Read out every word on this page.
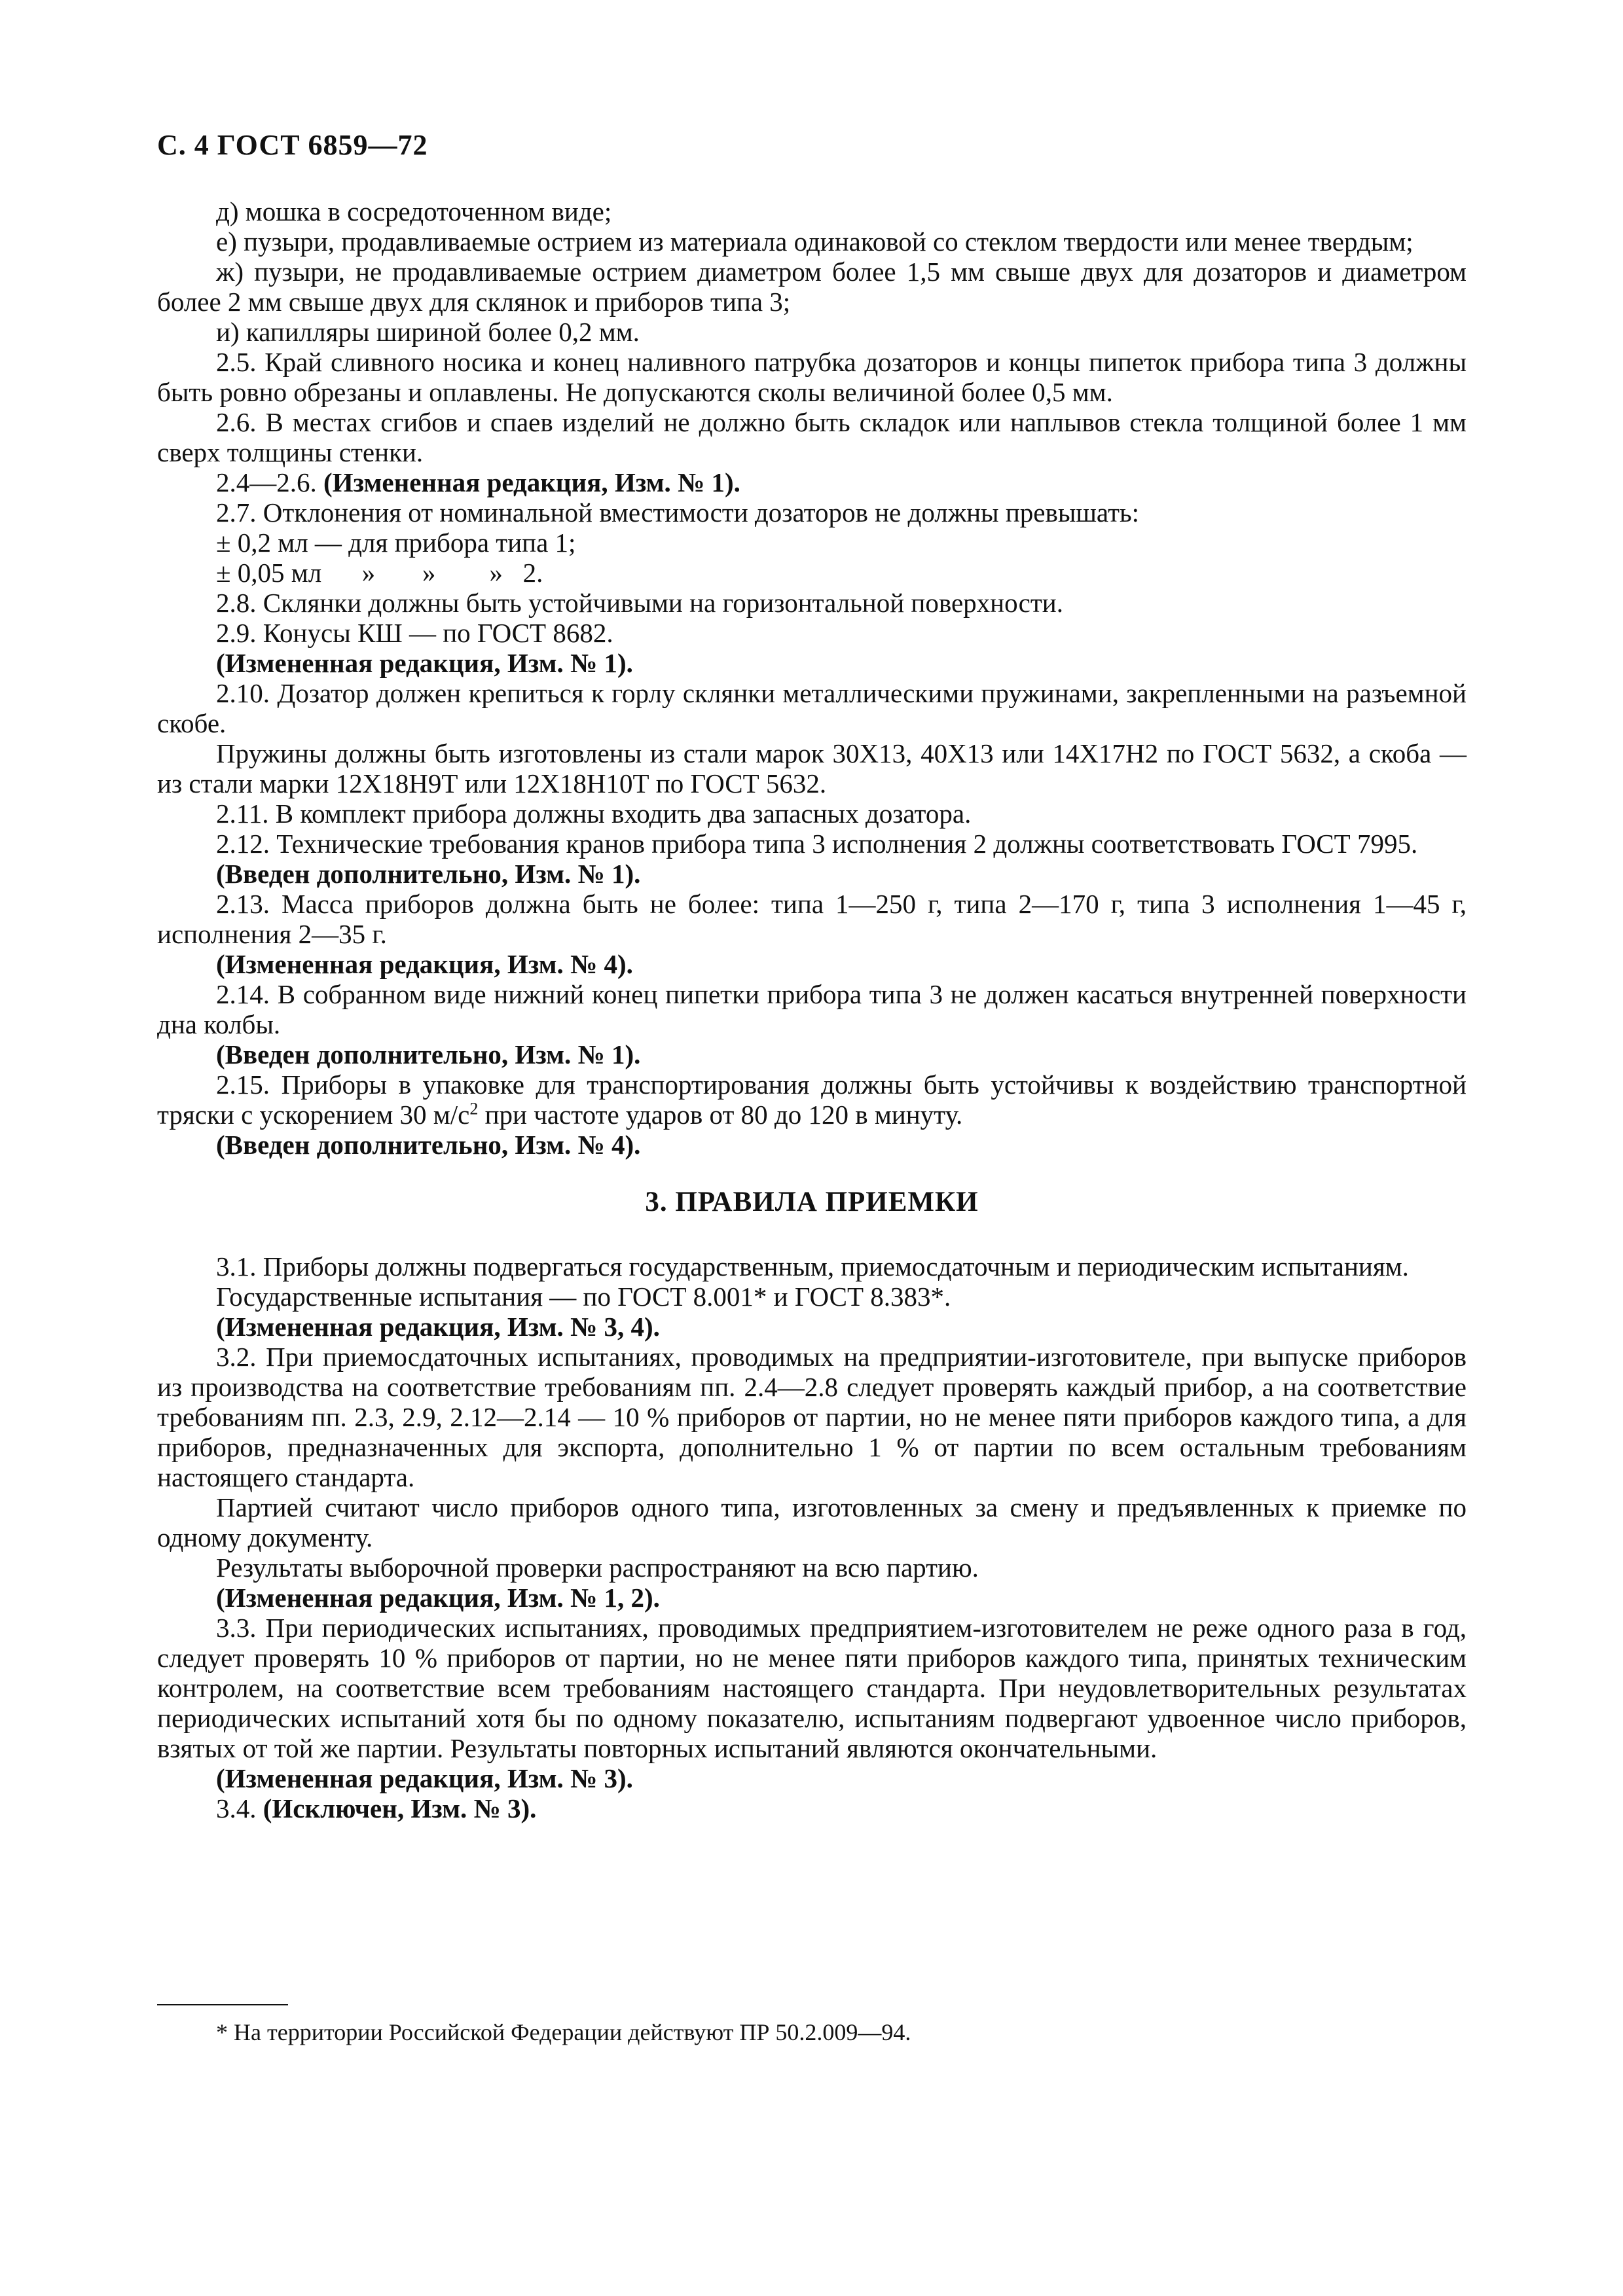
С. 4 ГОСТ 6859—72

д) мошка в сосредоточенном виде;

е) пузыри, продавливаемые острием из материала одинаковой со стеклом твердости или менее твердым;

ж) пузыри, не продавливаемые острием диаметром более 1,5 мм свыше двух для дозаторов и диаметром более 2 мм свыше двух для склянок и приборов типа 3;

и) капилляры шириной более 0,2 мм.

2.5. Край сливного носика и конец наливного патрубка дозаторов и концы пипеток прибора типа 3 должны быть ровно обрезаны и оплавлены. Не допускаются сколы величиной более 0,5 мм.

2.6. В местах сгибов и спаев изделий не должно быть складок или наплывов стекла толщиной более 1 мм сверх толщины стенки.

2.4—2.6. (Измененная редакция, Изм. № 1).

2.7. Отклонения от номинальной вместимости дозаторов не должны превышать:

± 0,2 мл — для прибора типа 1;

± 0,05 мл      »       »        »   2.

2.8. Склянки должны быть устойчивыми на горизонтальной поверхности.

2.9. Конусы КШ — по ГОСТ 8682.

(Измененная редакция, Изм. № 1).

2.10. Дозатор должен крепиться к горлу склянки металлическими пружинами, закрепленными на разъемной скобе.

Пружины должны быть изготовлены из стали марок 30Х13, 40Х13 или 14Х17Н2 по ГОСТ 5632, а скоба — из стали марки 12Х18Н9Т или 12Х18Н10Т по ГОСТ 5632.

2.11. В комплект прибора должны входить два запасных дозатора.

2.12. Технические требования кранов прибора типа 3 исполнения 2 должны соответствовать ГОСТ 7995.

(Введен дополнительно, Изм. № 1).

2.13. Масса приборов должна быть не более: типа 1—250 г, типа 2—170 г, типа 3 исполнения 1—45 г, исполнения 2—35 г.

(Измененная редакция, Изм. № 4).

2.14. В собранном виде нижний конец пипетки прибора типа 3 не должен касаться внутренней поверхности дна колбы.

(Введен дополнительно, Изм. № 1).

2.15. Приборы в упаковке для транспортирования должны быть устойчивы к воздействию транспортной тряски с ускорением 30 $м/с^2$ при частоте ударов от 80 до 120 в минуту.

(Введен дополнительно, Изм. № 4).

3. ПРАВИЛА ПРИЕМКИ

3.1. Приборы должны подвергаться государственным, приемосдаточным и периодическим испытаниям.

Государственные испытания — по ГОСТ 8.001* и ГОСТ 8.383*.

(Измененная редакция, Изм. № 3, 4).

3.2. При приемосдаточных испытаниях, проводимых на предприятии-изготовителе, при выпуске приборов из производства на соответствие требованиям пп. 2.4—2.8 следует проверять каждый прибор, а на соответствие требованиям пп. 2.3, 2.9, 2.12—2.14 — 10 % приборов от партии, но не менее пяти приборов каждого типа, а для приборов, предназначенных для экспорта, дополнительно 1 % от партии по всем остальным требованиям настоящего стандарта.

Партией считают число приборов одного типа, изготовленных за смену и предъявленных к приемке по одному документу.

Результаты выборочной проверки распространяют на всю партию.

(Измененная редакция, Изм. № 1, 2).

3.3. При периодических испытаниях, проводимых предприятием-изготовителем не реже одного раза в год, следует проверять 10 % приборов от партии, но не менее пяти приборов каждого типа, принятых техническим контролем, на соответствие всем требованиям настоящего стандарта. При неудовлетворительных результатах периодических испытаний хотя бы по одному показателю, испытаниям подвергают удвоенное число приборов, взятых от той же партии. Результаты повторных испытаний являются окончательными.

(Измененная редакция, Изм. № 3).

3.4. (Исключен, Изм. № 3).

* На территории Российской Федерации действуют ПР 50.2.009—94.
